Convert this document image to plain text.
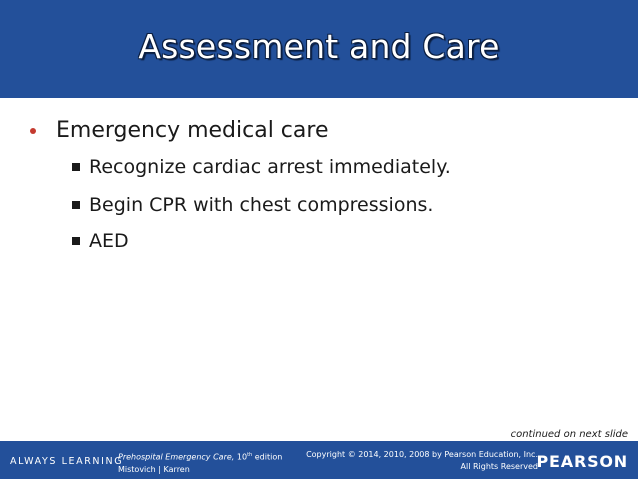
Assessment and Care
Emergency medical care
Recognize cardiac arrest immediately.
Begin CPR with chest compressions.
AED
continued on next slide
ALWAYS LEARNING
Prehospital Emergency Care, 10th edition
Mistovich | Karren
Copyright © 2014, 2010, 2008 by Pearson Education, Inc.
All Rights Reserved
PEARSON
